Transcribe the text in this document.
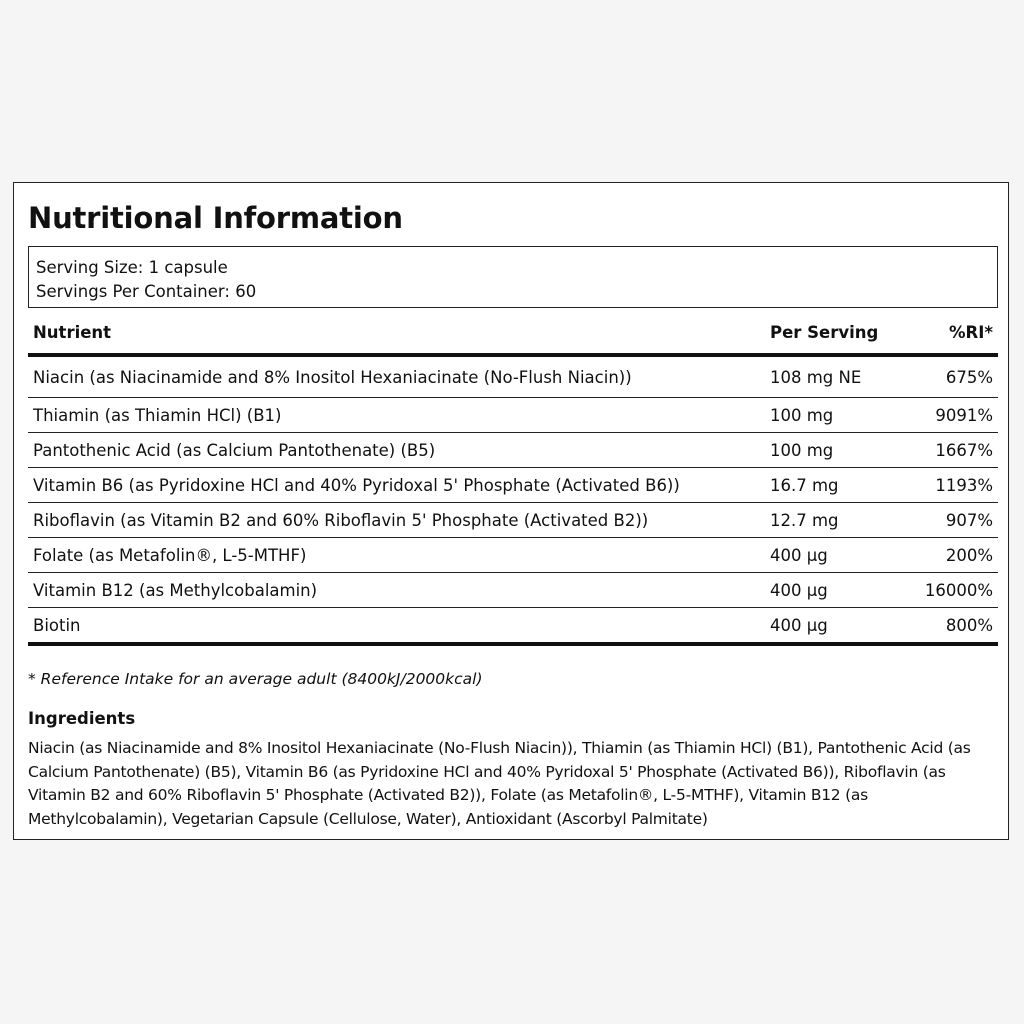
Nutritional Information
Serving Size: 1 capsule
Servings Per Container: 60
Nutrient	Per Serving	%RI*
Niacin (as Niacinamide and 8% Inositol Hexaniacinate (No-Flush Niacin))	108 mg NE	675%
Thiamin (as Thiamin HCl) (B1)	100 mg	9091%
Pantothenic Acid (as Calcium Pantothenate) (B5)	100 mg	1667%
Vitamin B6 (as Pyridoxine HCl and 40% Pyridoxal 5' Phosphate (Activated B6))	16.7 mg	1193%
Riboflavin (as Vitamin B2 and 60% Riboflavin 5' Phosphate (Activated B2))	12.7 mg	907%
Folate (as Metafolin®, L-5-MTHF)	400 µg	200%
Vitamin B12 (as Methylcobalamin)	400 µg	16000%
Biotin	400 µg	800%
* Reference Intake for an average adult (8400kJ/2000kcal)
Ingredients
Niacin (as Niacinamide and 8% Inositol Hexaniacinate (No-Flush Niacin)), Thiamin (as Thiamin HCl) (B1), Pantothenic Acid (as Calcium Pantothenate) (B5), Vitamin B6 (as Pyridoxine HCl and 40% Pyridoxal 5' Phosphate (Activated B6)), Riboflavin (as Vitamin B2 and 60% Riboflavin 5' Phosphate (Activated B2)), Folate (as Metafolin®, L-5-MTHF), Vitamin B12 (as Methylcobalamin), Vegetarian Capsule (Cellulose, Water), Antioxidant (Ascorbyl Palmitate)
